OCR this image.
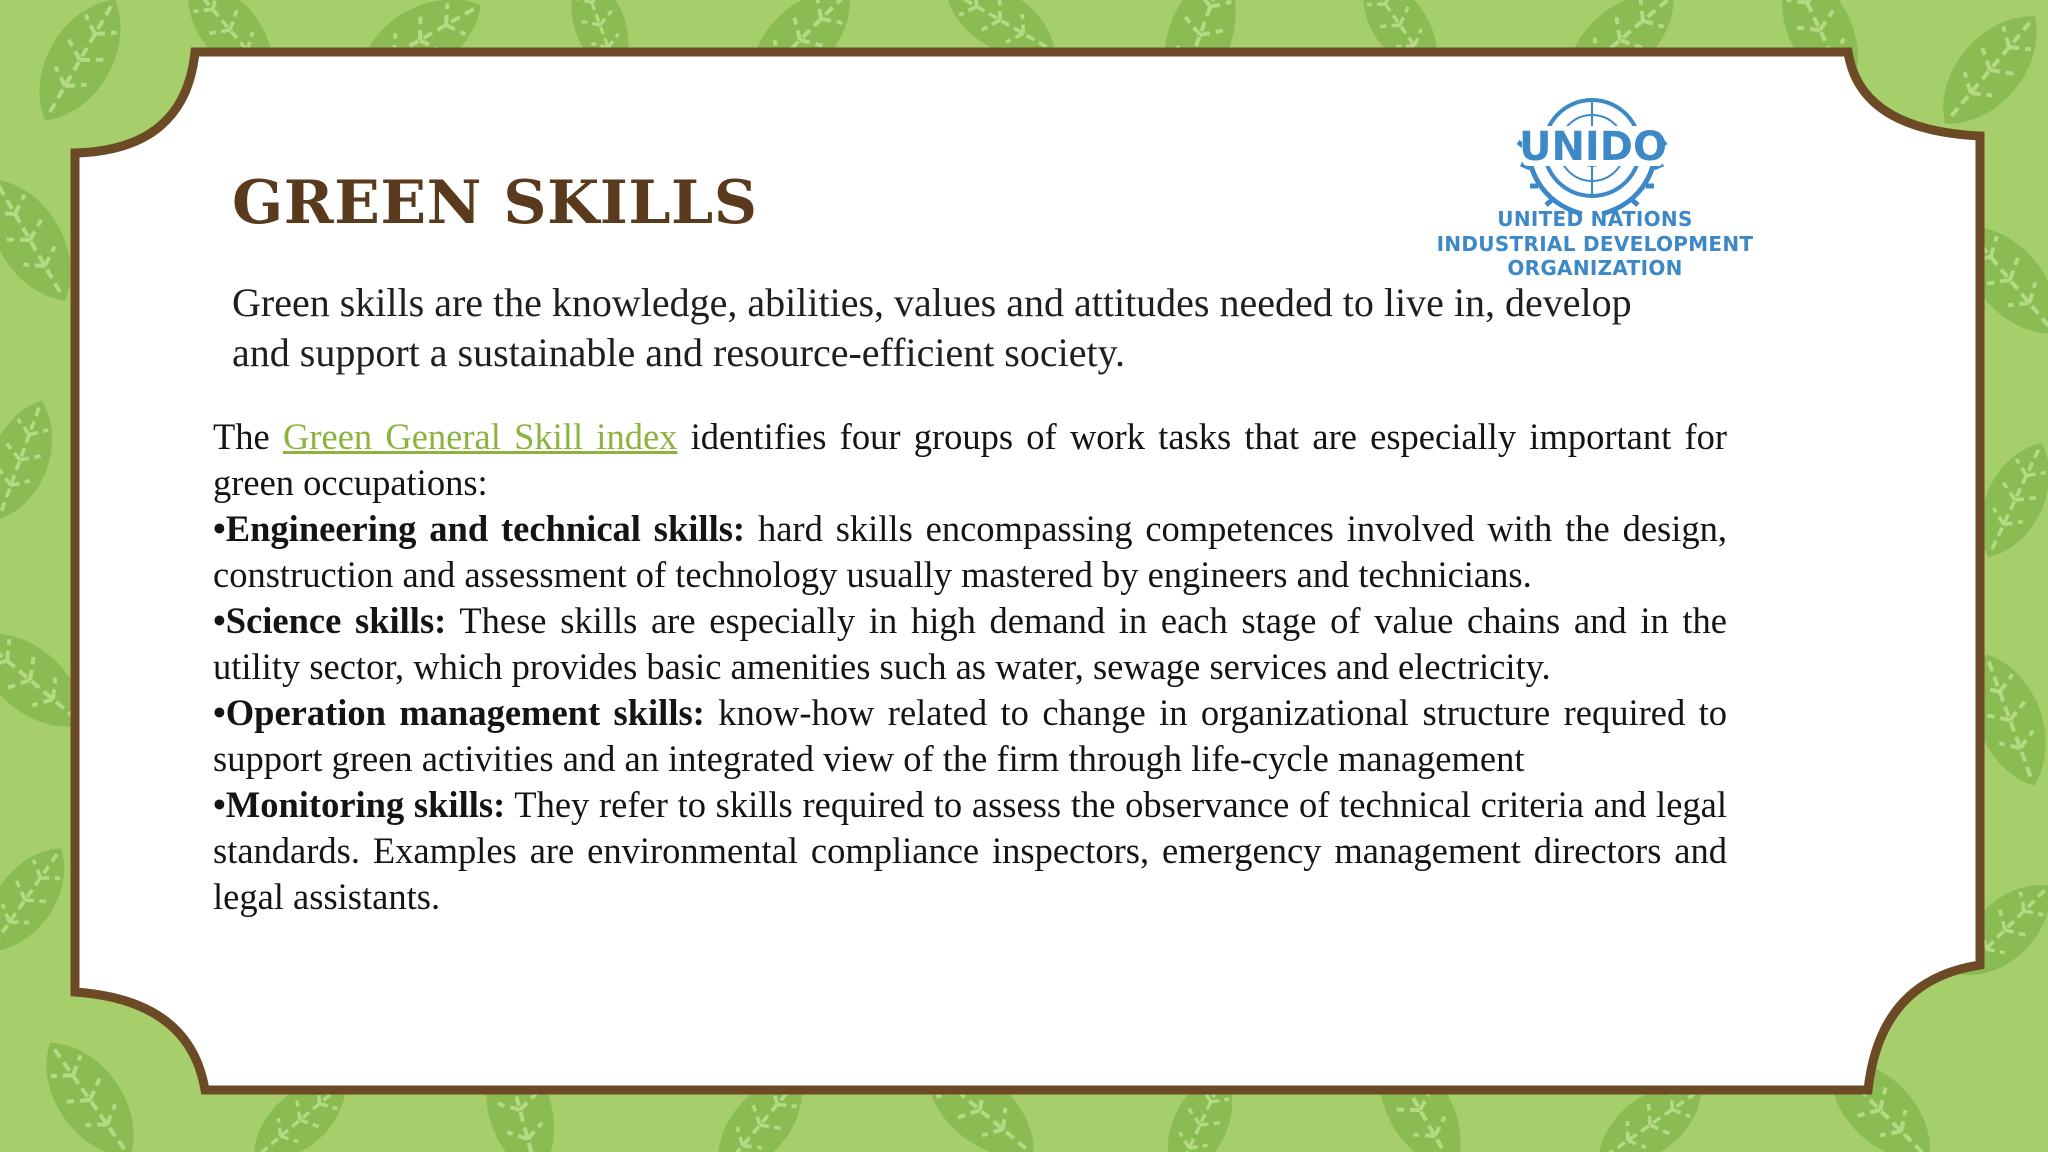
GREEN SKILLS
UNIDO
UNITED NATIONS
INDUSTRIAL DEVELOPMENT ORGANIZATION
Green skills are the knowledge, abilities, values and attitudes needed to live in, develop and support a sustainable and resource-efficient society.

The Green General Skill index identifies four groups of work tasks that are especially important for green occupations:

•Engineering and technical skills: hard skills encompassing competences involved with the design, construction and assessment of technology usually mastered by engineers and technicians.

•Science skills: These skills are especially in high demand in each stage of value chains and in the utility sector, which provides basic amenities such as water, sewage services and electricity.

•Operation management skills: know-how related to change in organizational structure required to support green activities and an integrated view of the firm through life-cycle management

•Monitoring skills: They refer to skills required to assess the observance of technical criteria and legal standards. Examples are environmental compliance inspectors, emergency management directors and legal assistants.
